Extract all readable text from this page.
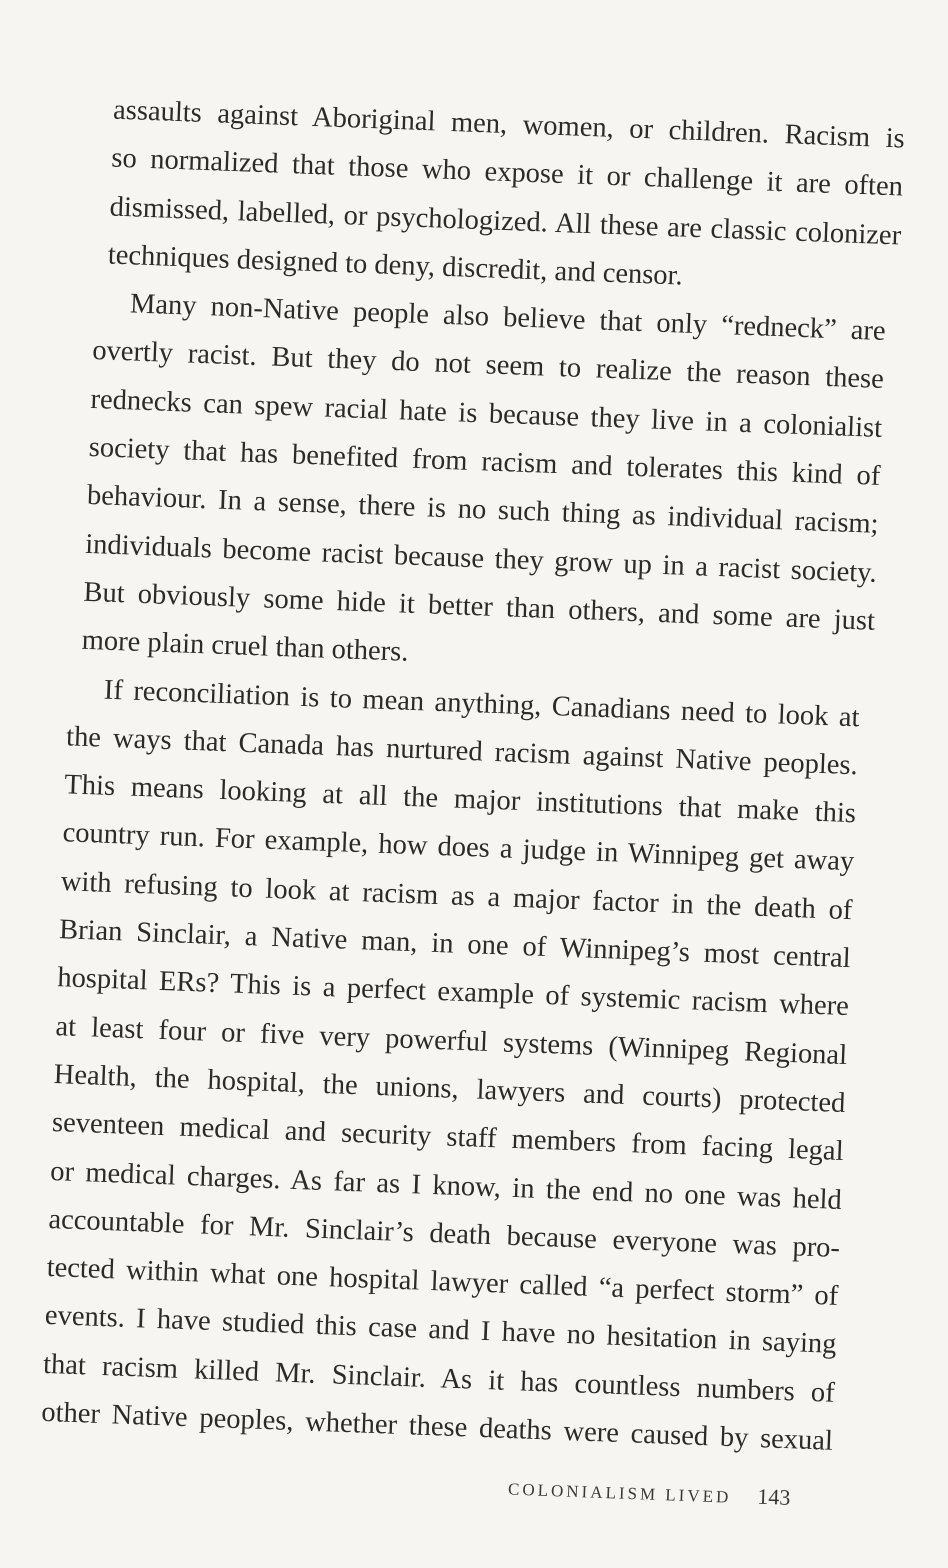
assaults against Aboriginal men, women, or children. Racism is
so normalized that those who expose it or challenge it are often
dismissed, labelled, or psychologized. All these are classic colonizer
techniques designed to deny, discredit, and censor.

Many non-Native people also believe that only “redneck” are
overtly racist. But they do not seem to realize the reason these
rednecks can spew racial hate is because they live in a colonialist
society that has benefited from racism and tolerates this kind of
behaviour. In a sense, there is no such thing as individual racism;
individuals become racist because they grow up in a racist society.
But obviously some hide it better than others, and some are just
more plain cruel than others.

If reconciliation is to mean anything, Canadians need to look at
the ways that Canada has nurtured racism against Native peoples.
This means looking at all the major institutions that make this
country run. For example, how does a judge in Winnipeg get away
with refusing to look at racism as a major factor in the death of
Brian Sinclair, a Native man, in one of Winnipeg’s most central
hospital ERs? This is a perfect example of systemic racism where
at least four or five very powerful systems (Winnipeg Regional
Health, the hospital, the unions, lawyers and courts) protected
seventeen medical and security staff members from facing legal
or medical charges. As far as I know, in the end no one was held
accountable for Mr. Sinclair’s death because everyone was pro-
tected within what one hospital lawyer called “a perfect storm” of
events. I have studied this case and I have no hesitation in saying
that racism killed Mr. Sinclair. As it has countless numbers of
other Native peoples, whether these deaths were caused by sexual

COLONIALISM LIVED 143
